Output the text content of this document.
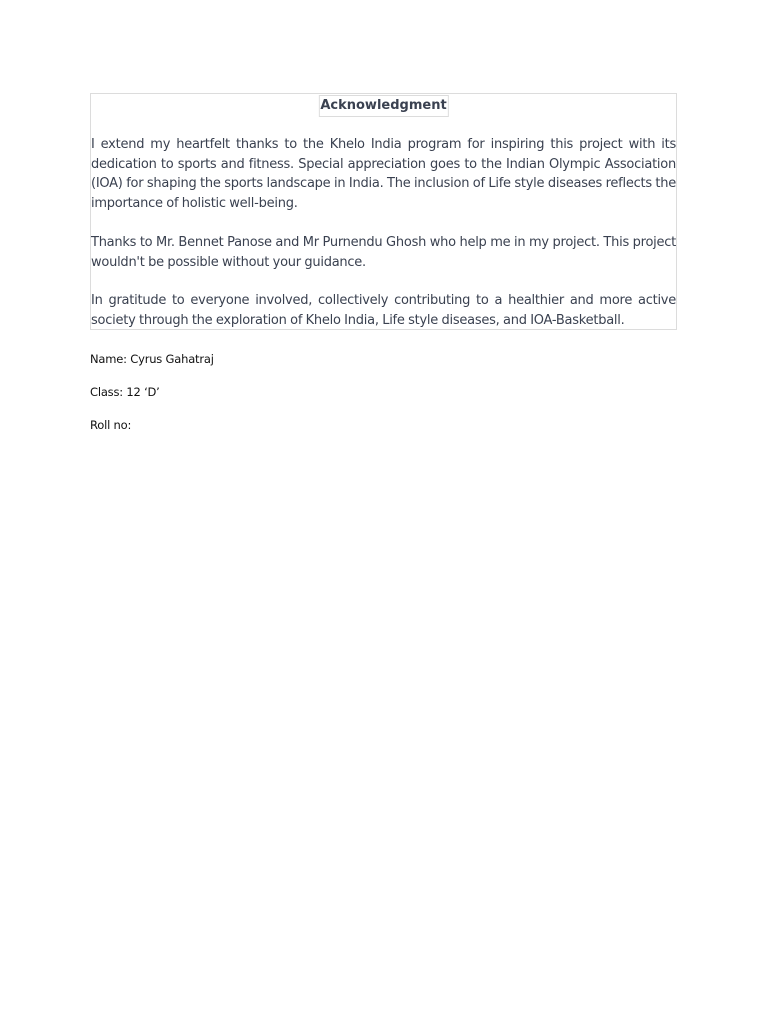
Acknowledgment

I extend my heartfelt thanks to the Khelo India program for inspiring this project with its dedication to sports and fitness. Special appreciation goes to the Indian Olympic Association (IOA) for shaping the sports landscape in India. The inclusion of Life style diseases reflects the importance of holistic well-being.

Thanks to Mr. Bennet Panose and Mr Purnendu Ghosh who help me in my project. This project wouldn't be possible without your guidance.

In gratitude to everyone involved, collectively contributing to a healthier and more active society through the exploration of Khelo India, Life style diseases, and IOA-Basketball.

Name: Cyrus Gahatraj

Class: 12 ‘D’

Roll no:
